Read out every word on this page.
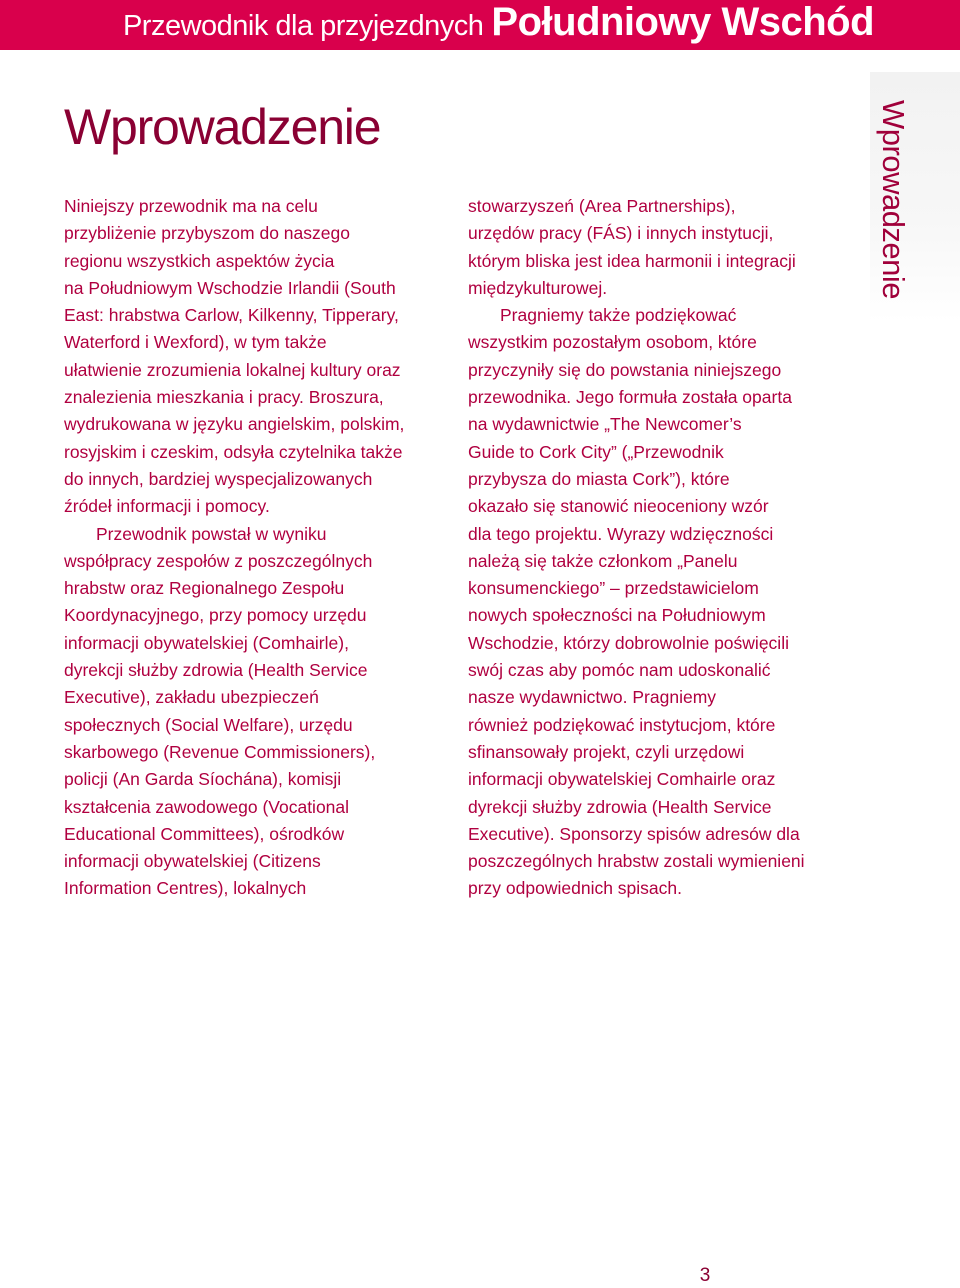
Przewodnik dla przyjezdnych Południowy Wschód
Wprowadzenie
Wprowadzenie

Niniejszy przewodnik ma na celu
przybliżenie przybyszom do naszego
regionu wszystkich aspektów życia
na Południowym Wschodzie Irlandii (South
East: hrabstwa Carlow, Kilkenny, Tipperary,
Waterford i Wexford), w tym także
ułatwienie zrozumienia lokalnej kultury oraz
znalezienia mieszkania i pracy. Broszura,
wydrukowana w języku angielskim, polskim,
rosyjskim i czeskim, odsyła czytelnika także
do innych, bardziej wyspecjalizowanych
źródeł informacji i pomocy.

Przewodnik powstał w wyniku
współpracy zespołów z poszczególnych
hrabstw oraz Regionalnego Zespołu
Koordynacyjnego, przy pomocy urzędu
informacji obywatelskiej (Comhairle),
dyrekcji służby zdrowia (Health Service
Executive), zakładu ubezpieczeń
społecznych (Social Welfare), urzędu
skarbowego (Revenue Commissioners),
policji (An Garda Síochána), komisji
kształcenia zawodowego (Vocational
Educational Committees), ośrodków
informacji obywatelskiej (Citizens
Information Centres), lokalnych

stowarzyszeń (Area Partnerships),
urzędów pracy (FÁS) i innych instytucji,
którym bliska jest idea harmonii i integracji
międzykulturowej.

Pragniemy także podziękować
wszystkim pozostałym osobom, które
przyczyniły się do powstania niniejszego
przewodnika. Jego formuła została oparta
na wydawnictwie „The Newcomer’s
Guide to Cork City” („Przewodnik
przybysza do miasta Cork”), które
okazało się stanowić nieoceniony wzór
dla tego projektu. Wyrazy wdzięczności
należą się także członkom „Panelu
konsumenckiego” – przedstawicielom
nowych społeczności na Południowym
Wschodzie, którzy dobrowolnie poświęcili
swój czas aby pomóc nam udoskonalić
nasze wydawnictwo. Pragniemy
również podziękować instytucjom, które
sfinansowały projekt, czyli urzędowi
informacji obywatelskiej Comhairle oraz
dyrekcji służby zdrowia (Health Service
Executive). Sponsorzy spisów adresów dla
poszczególnych hrabstw zostali wymienieni
przy odpowiednich spisach.

3
